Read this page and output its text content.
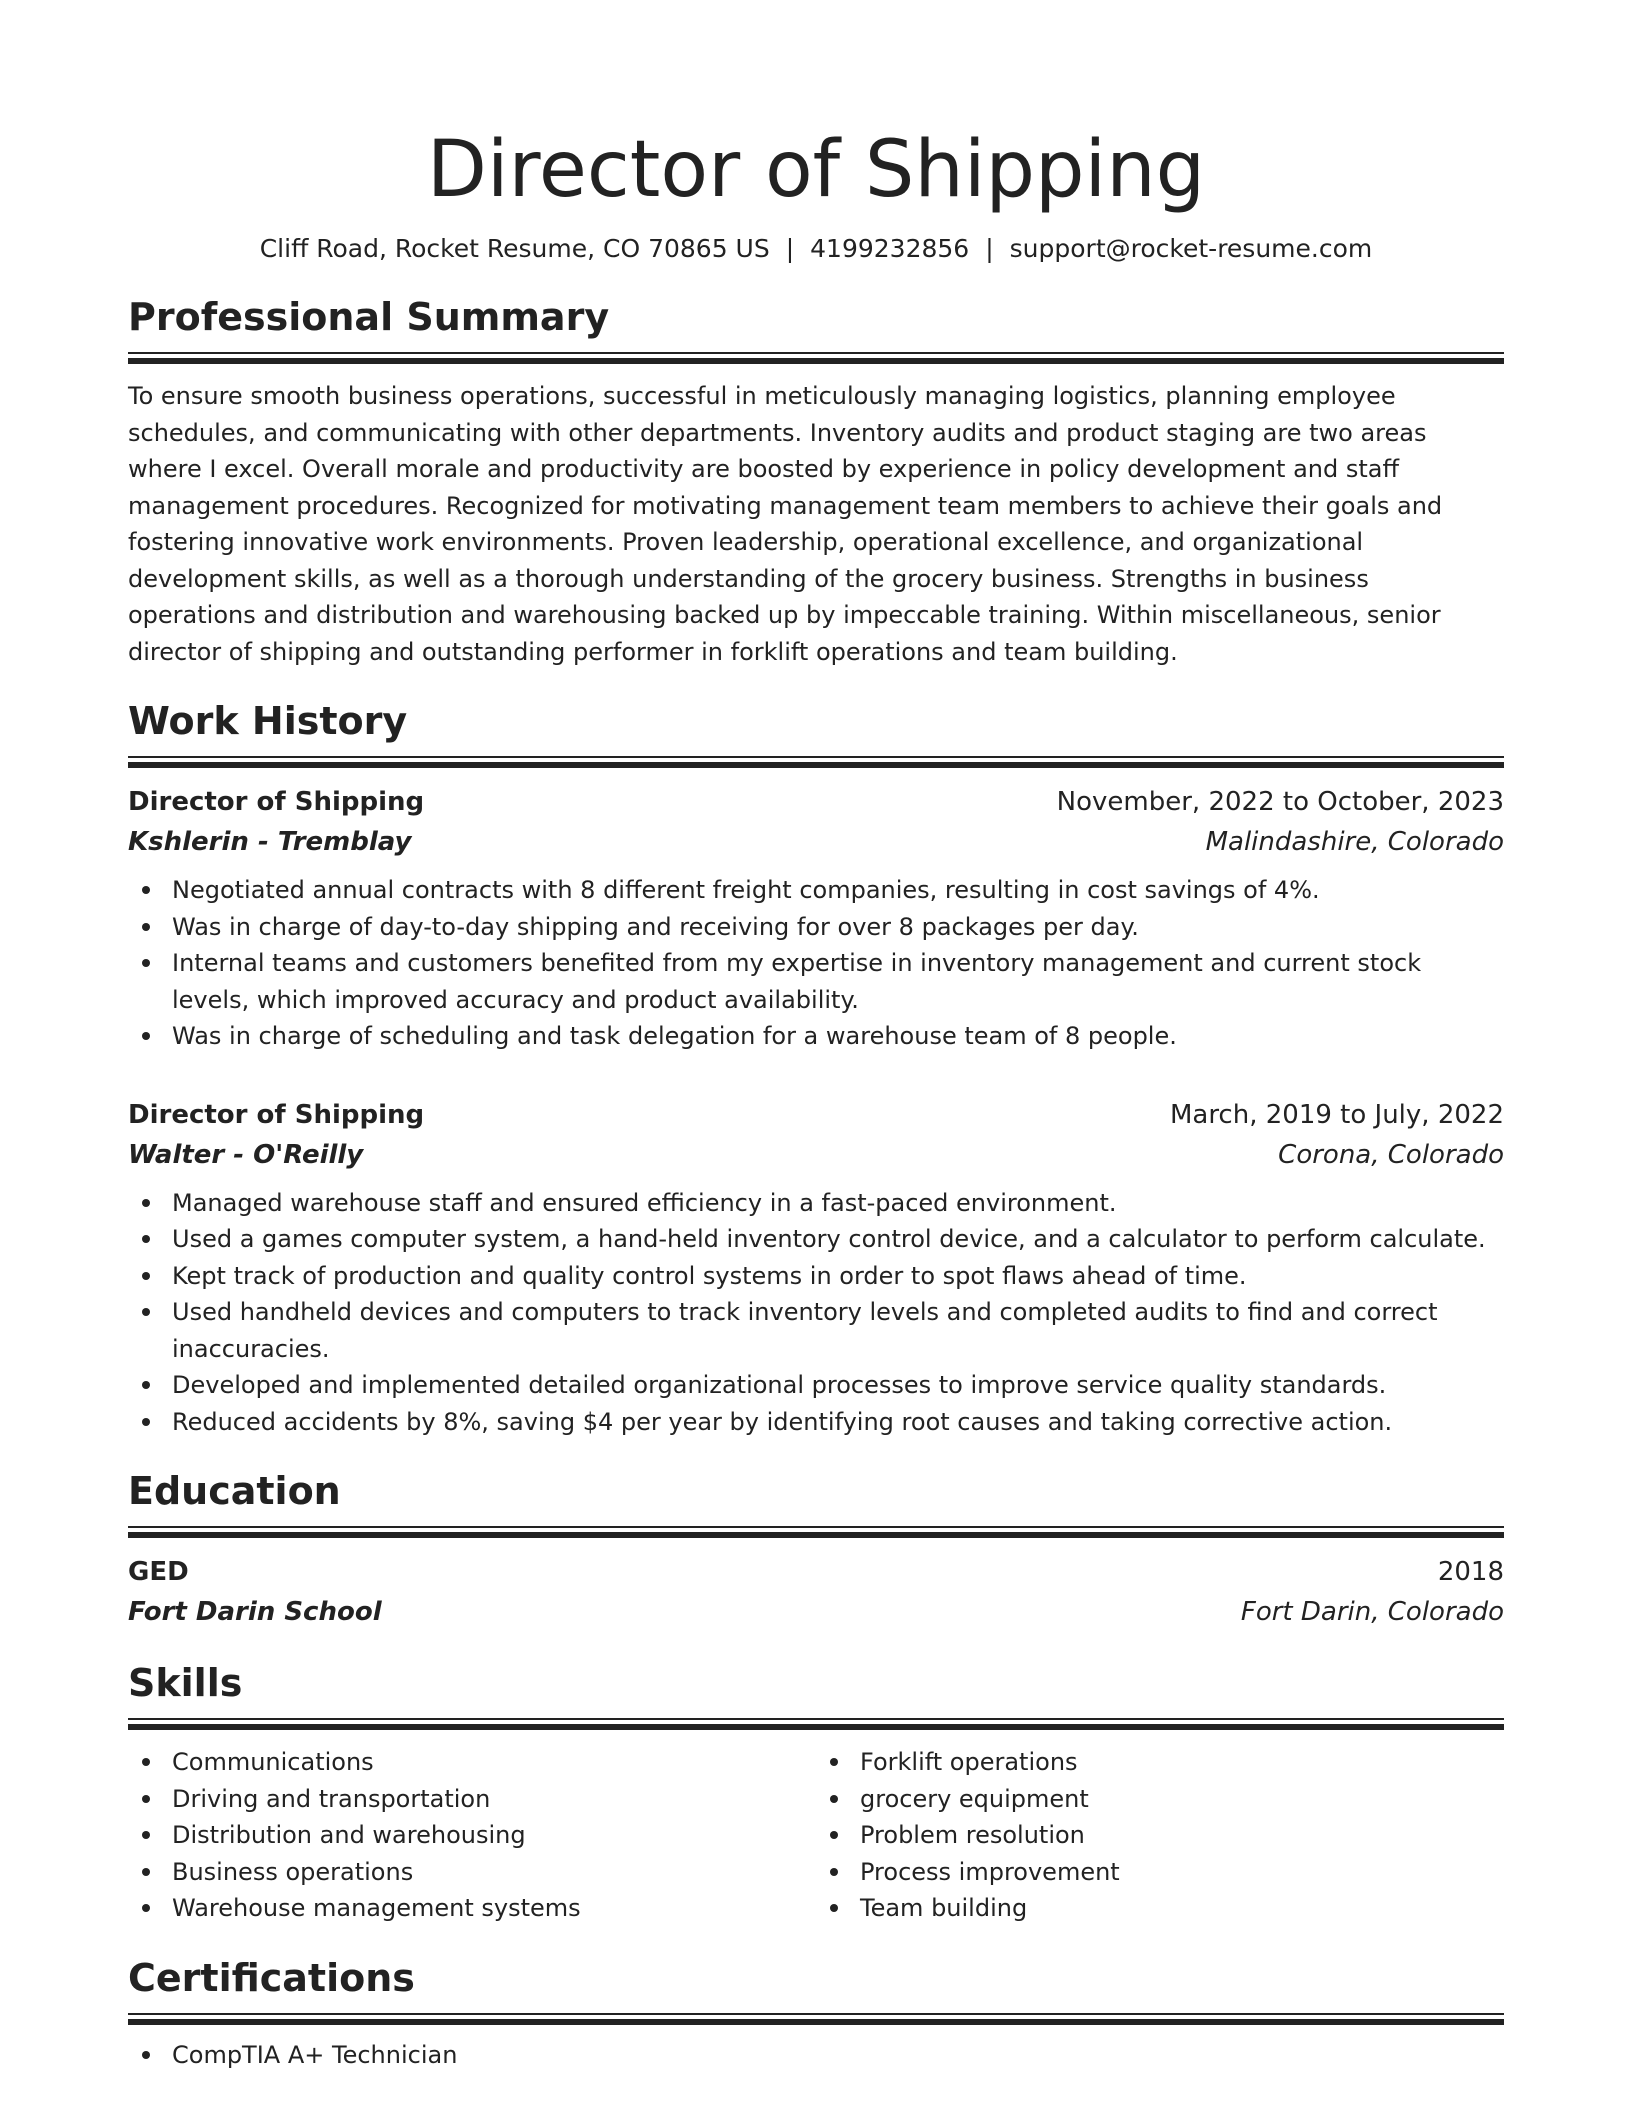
Director of Shipping
Cliff Road, Rocket Resume, CO 70865 US | 4199232856 | support@rocket-resume.com
Professional Summary

To ensure smooth business operations, successful in meticulously managing logistics, planning employee schedules, and communicating with other departments. Inventory audits and product staging are two areas where I excel. Overall morale and productivity are boosted by experience in policy development and staff management procedures. Recognized for motivating management team members to achieve their goals and fostering innovative work environments. Proven leadership, operational excellence, and organizational development skills, as well as a thorough understanding of the grocery business. Strengths in business operations and distribution and warehousing backed up by impeccable training. Within miscellaneous, senior director of shipping and outstanding performer in forklift operations and team building.

Work History
Director of Shipping	November, 2022 to October, 2023
Kshlerin - Tremblay	Malindashire, Colorado
Negotiated annual contracts with 8 different freight companies, resulting in cost savings of 4%.
Was in charge of day-to-day shipping and receiving for over 8 packages per day.
Internal teams and customers benefited from my expertise in inventory management and current stock levels, which improved accuracy and product availability.
Was in charge of scheduling and task delegation for a warehouse team of 8 people.
Director of Shipping	March, 2019 to July, 2022
Walter - O'Reilly	Corona, Colorado
Managed warehouse staff and ensured efficiency in a fast-paced environment.
Used a games computer system, a hand-held inventory control device, and a calculator to perform calculate.
Kept track of production and quality control systems in order to spot flaws ahead of time.
Used handheld devices and computers to track inventory levels and completed audits to find and correct inaccuracies.
Developed and implemented detailed organizational processes to improve service quality standards.
Reduced accidents by 8%, saving $4 per year by identifying root causes and taking corrective action.
Education
GED	2018
Fort Darin School	Fort Darin, Colorado
Skills
Communications
Driving and transportation
Distribution and warehousing
Business operations
Warehouse management systems
Forklift operations
grocery equipment
Problem resolution
Process improvement
Team building
Certifications
CompTIA A+ Technician
